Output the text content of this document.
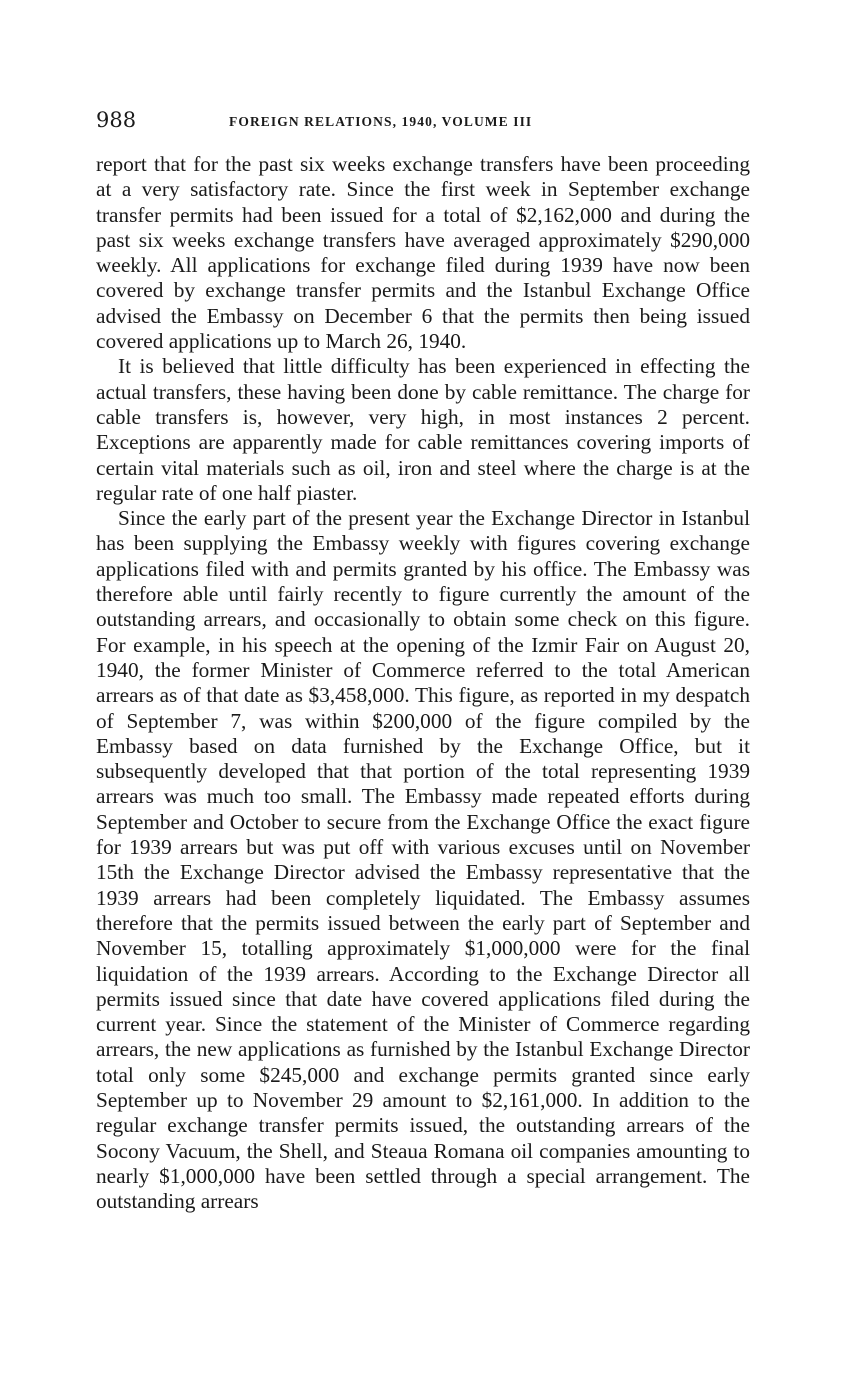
988	FOREIGN RELATIONS, 1940, VOLUME III

report that for the past six weeks exchange transfers have been proceeding at a very satisfactory rate. Since the first week in September exchange transfer permits had been issued for a total of $2,162,000 and during the past six weeks exchange transfers have averaged approximately $290,000 weekly. All applications for exchange filed during 1939 have now been covered by exchange transfer permits and the Istanbul Exchange Office advised the Embassy on December 6 that the permits then being issued covered applications up to March 26, 1940.

It is believed that little difficulty has been experienced in effecting the actual transfers, these having been done by cable remittance. The charge for cable transfers is, however, very high, in most instances 2 percent. Exceptions are apparently made for cable remittances covering imports of certain vital materials such as oil, iron and steel where the charge is at the regular rate of one half piaster.

Since the early part of the present year the Exchange Director in Istanbul has been supplying the Embassy weekly with figures covering exchange applications filed with and permits granted by his office. The Embassy was therefore able until fairly recently to figure currently the amount of the outstanding arrears, and occasionally to obtain some check on this figure. For example, in his speech at the opening of the Izmir Fair on August 20, 1940, the former Minister of Commerce referred to the total American arrears as of that date as $3,458,000. This figure, as reported in my despatch of September 7, was within $200,000 of the figure compiled by the Embassy based on data furnished by the Exchange Office, but it subsequently developed that that portion of the total representing 1939 arrears was much too small. The Embassy made repeated efforts during September and October to secure from the Exchange Office the exact figure for 1939 arrears but was put off with various excuses until on November 15th the Exchange Director advised the Embassy representative that the 1939 arrears had been completely liquidated. The Embassy assumes therefore that the permits issued between the early part of September and November 15, totalling approximately $1,000,000 were for the final liquidation of the 1939 arrears. According to the Exchange Director all permits issued since that date have covered applications filed during the current year. Since the statement of the Minister of Commerce regarding arrears, the new applications as furnished by the Istanbul Exchange Director total only some $245,000 and exchange permits granted since early September up to November 29 amount to $2,161,000. In addition to the regular exchange transfer permits issued, the outstanding arrears of the Socony Vacuum, the Shell, and Steaua Romana oil companies amounting to nearly $1,000,000 have been settled through a special arrangement. The outstanding arrears
